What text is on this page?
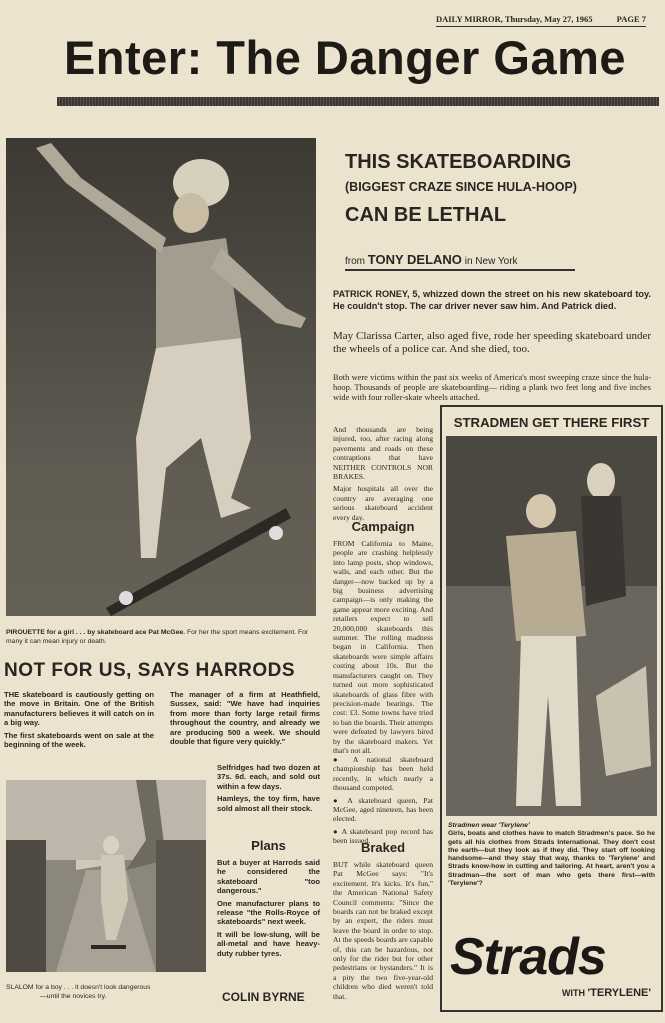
DAILY MIRROR, Thursday, May 27, 1965	PAGE 7
Enter: The Danger Game
PIROUETTE for a girl . . . by skateboard ace Pat McGee. For her the sport means excitement. For many it can mean injury or death.
THIS SKATEBOARDING
(BIGGEST CRAZE SINCE HULA-HOOP)
CAN BE LETHAL
from TONY DELANO in New York
PATRICK RONEY, 5, whizzed down the street on his new skateboard toy. He couldn't stop. The car driver never saw him. And Patrick died.
May Clarissa Carter, also aged five, rode her speeding skateboard under the wheels of a police car. And she died, too.
Both were victims within the past six weeks of America's most sweeping craze since the hula-hoop. Thousands of people are skateboarding— riding a plank two feet long and five inches wide with four roller-skate wheels attached.

And thousands are being injured, too, after racing along pavements and roads on these contraptions that have NEITHER CONTROLS NOR BRAKES.

Major hospitals all over the country are averaging one serious skateboard accident every day.

Campaign
FROM California to Maine, people are crashing helplessly into lamp posts, shop windows, walls, and each other. But the danger—now backed up by a big business advertising campaign—is only making the game appear more exciting. And retailers expect to sell 20,000,000 skateboards this summer. The rolling madness began in California. Then skateboards were simple affairs costing about 10s. But the manufacturers caught on. They turned out more sophisticated skateboards of glass fibre with precision-made bearings. The cost: £3. Some towns have tried to ban the boards. Their attempts were defeated by lawyers hired by the skateboard makers. Yet that's not all.

● A national skateboard championship has been held recently, in which nearly a thousand competed.

● A skateboard queen, Pat McGee, aged nineteen, has been elected.

● A skateboard pop record has been issued.

Braked
BUT while skateboard queen Pat McGee says: "It's excitement. It's kicks. It's fun," the American National Safety Council comments: "Since the boards can not be braked except by an expert, the riders must leave the board in order to stop. At the speeds boards are capable of, this can be hazardous, not only for the rider but for other pedestrians or bystanders." It is a pity the two five-year-old children who died weren't told that.
NOT FOR US, SAYS HARRODS

THE skateboard is cautiously getting on the move in Britain. One of the British manufacturers believes it will catch on in a big way.

The first skateboards went on sale at the beginning of the week.

The manager of a firm at Heathfield, Sussex, said: "We have had inquiries from more than forty large retail firms throughout the country, and already we are producing 500 a week. We should double that figure very quickly."

Selfridges had two dozen at 37s. 6d. each, and sold out within a few days.

Hamleys, the toy firm, have sold almost all their stock.

Plans

But a buyer at Harrods said he considered the skateboard "too dangerous."

One manufacturer plans to release "the Rolls-Royce of skateboards" next week.

It will be low-slung, will be all-metal and have heavy-duty rubber tyres.

COLIN BYRNE
SLALOM for a boy . . . it doesn't look dangerous
—until the novices try.
STRADMEN GET THERE FIRST
Stradmen wear 'Terylene'
Girls, boats and clothes have to match Stradmen's pace. So he gets all his clothes from Strads International. They don't cost the earth—but they look as if they did. They start off looking handsome—and they stay that way, thanks to 'Terylene' and Strads know-how in cutting and tailoring. At heart, aren't you a Stradman—the sort of man who gets there first—with 'Terylene'?
Strads
WITH 'TERYLENE'
